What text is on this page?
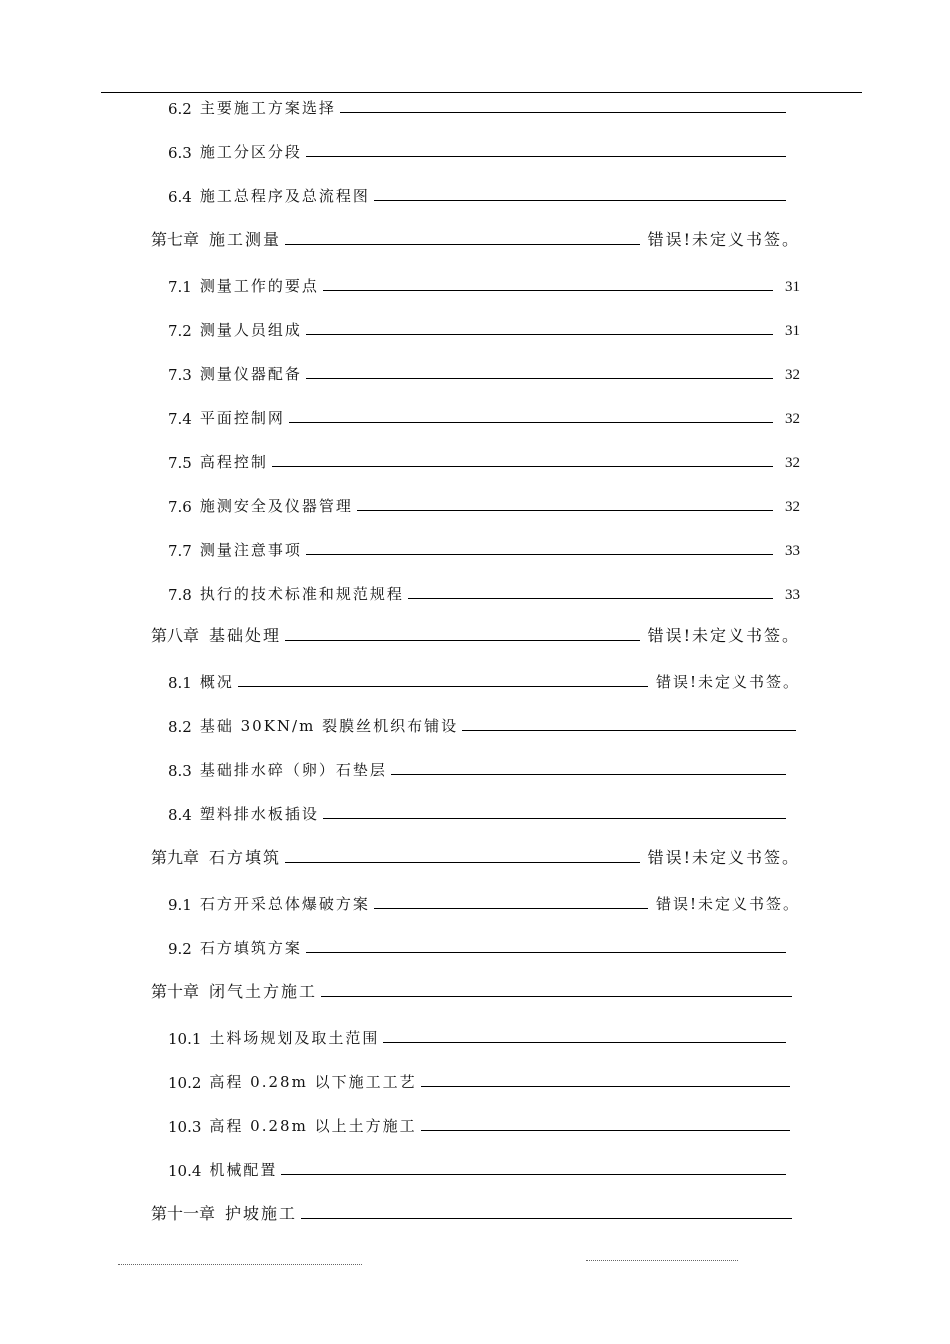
6.2 主要施工方案选择
6.3 施工分区分段
6.4 施工总程序及总流程图
第七章 施工测量	错误!未定义书签。
7.1 测量工作的要点	31
7.2 测量人员组成	31
7.3 测量仪器配备	32
7.4 平面控制网	32
7.5 高程控制	32
7.6 施测安全及仪器管理	32
7.7 测量注意事项	33
7.8 执行的技术标准和规范规程	33
第八章 基础处理	错误!未定义书签。
8.1 概况	错误!未定义书签。
8.2 基础 30KN/m 裂膜丝机织布铺设
8.3 基础排水碎（卵）石垫层
8.4 塑料排水板插设
第九章 石方填筑	错误!未定义书签。
9.1 石方开采总体爆破方案	错误!未定义书签。
9.2 石方填筑方案
第十章 闭气土方施工
10.1 土料场规划及取土范围
10.2 高程 0.28m 以下施工工艺
10.3 高程 0.28m 以上土方施工
10.4 机械配置
第十一章 护坡施工
